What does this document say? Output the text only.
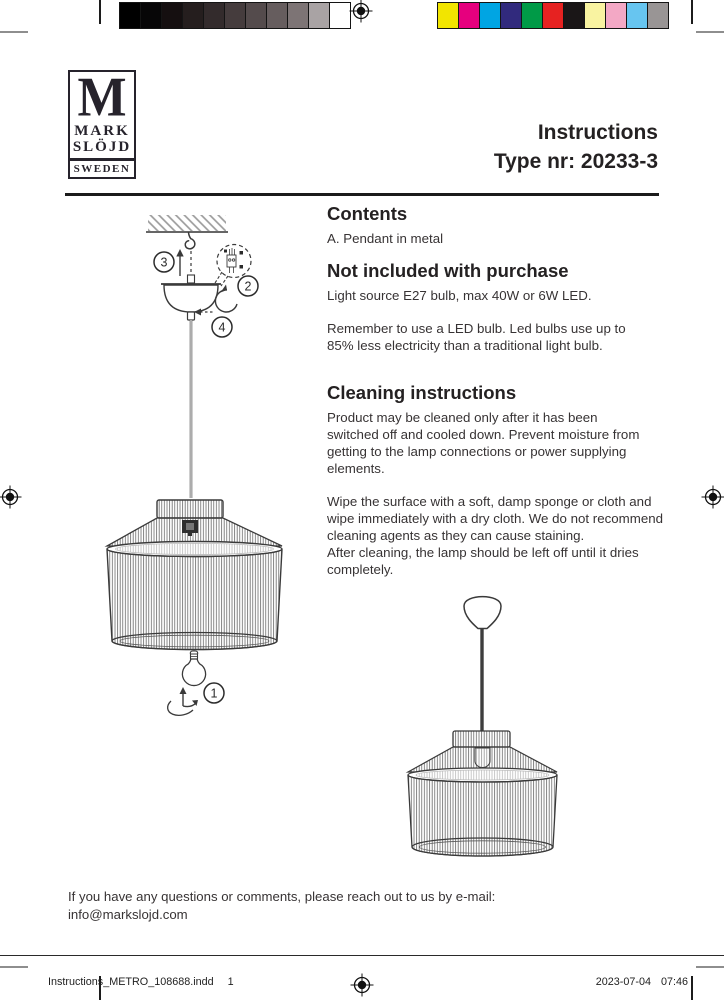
M
MARK
SLÖJD
SWEDEN
Instructions
Type nr: 20233-3
3
2
4
1
Contents

A. Pendant in metal

Not included with purchase

Light source E27 bulb, max 40W or 6W LED.

Remember to use a LED bulb. Led bulbs use up to
85% less electricity than a traditional light bulb.

Cleaning instructions

Product may be cleaned only after it has been
switched off and cooled down. Prevent moisture from
getting to the lamp connections or power supplying
elements.

Wipe the surface with a soft, damp sponge or cloth and
wipe immediately with a dry cloth. We do not recommend
cleaning agents as they can cause staining.
After cleaning, the lamp should be left off until it dries
completely.

If you have any questions or comments, please reach out to us by e-mail:
info@markslojd.com
Instructions_METRO_108688.indd 1	2023-07-04 07:46
